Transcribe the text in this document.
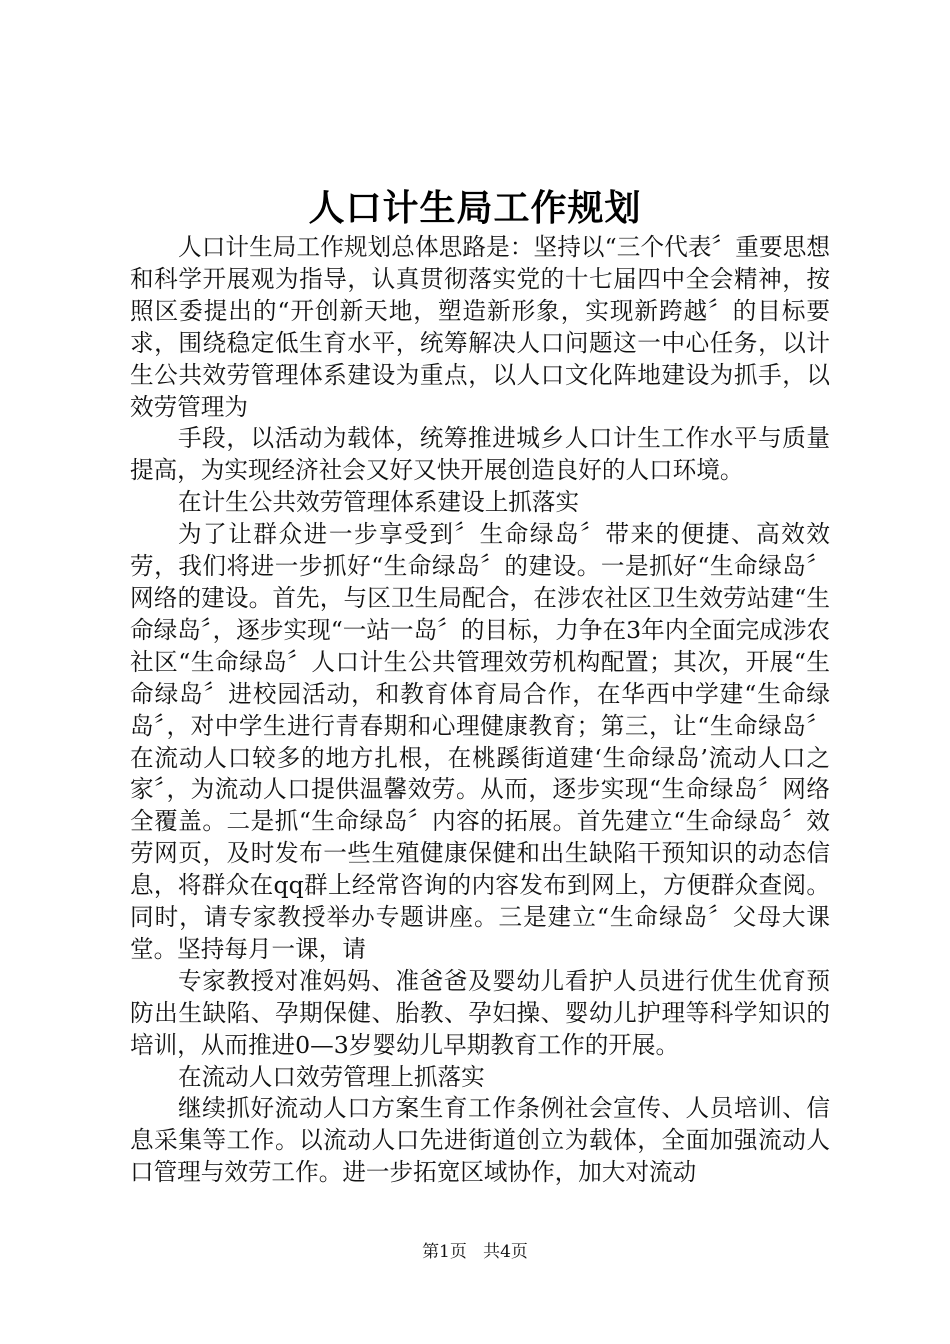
人口计生局工作规划

人口计生局工作规划总体思路是：坚持以“三个代表〞重要思想和科学开展观为指导，认真贯彻落实党的十七届四中全会精神，按照区委提出的“开创新天地，塑造新形象，实现新跨越〞的目标要求，围绕稳定低生育水平，统筹解决人口问题这一中心任务，以计生公共效劳管理体系建设为重点，以人口文化阵地建设为抓手，以效劳管理为

手段，以活动为载体，统筹推进城乡人口计生工作水平与质量提高，为实现经济社会又好又快开展创造良好的人口环境。

在计生公共效劳管理体系建设上抓落实

为了让群众进一步享受到〞生命绿岛〞带来的便捷、高效效劳，我们将进一步抓好“生命绿岛〞的建设。一是抓好“生命绿岛〞网络的建设。首先，与区卫生局配合，在涉农社区卫生效劳站建“生命绿岛〞，逐步实现“一站一岛〞的目标，力争在3年内全面完成涉农社区“生命绿岛〞人口计生公共管理效劳机构配置；其次，开展“生命绿岛〞进校园活动，和教育体育局合作，在华西中学建“生命绿岛〞，对中学生进行青春期和心理健康教育；第三，让“生命绿岛〞在流动人口较多的地方扎根，在桃蹊街道建‘生命绿岛’流动人口之家〞，为流动人口提供温馨效劳。从而，逐步实现“生命绿岛〞网络全覆盖。二是抓“生命绿岛〞内容的拓展。首先建立“生命绿岛〞效劳网页，及时发布一些生殖健康保健和出生缺陷干预知识的动态信息，将群众在qq群上经常咨询的内容发布到网上，方便群众查阅。同时，请专家教授举办专题讲座。三是建立“生命绿岛〞父母大课堂。坚持每月一课，请

专家教授对准妈妈、准爸爸及婴幼儿看护人员进行优生优育预防出生缺陷、孕期保健、胎教、孕妇操、婴幼儿护理等科学知识的培训，从而推进0—3岁婴幼儿早期教育工作的开展。

在流动人口效劳管理上抓落实

继续抓好流动人口方案生育工作条例社会宣传、人员培训、信息采集等工作。以流动人口先进街道创立为载体，全面加强流动人口管理与效劳工作。进一步拓宽区域协作，加大对流动

第1页 共4页
